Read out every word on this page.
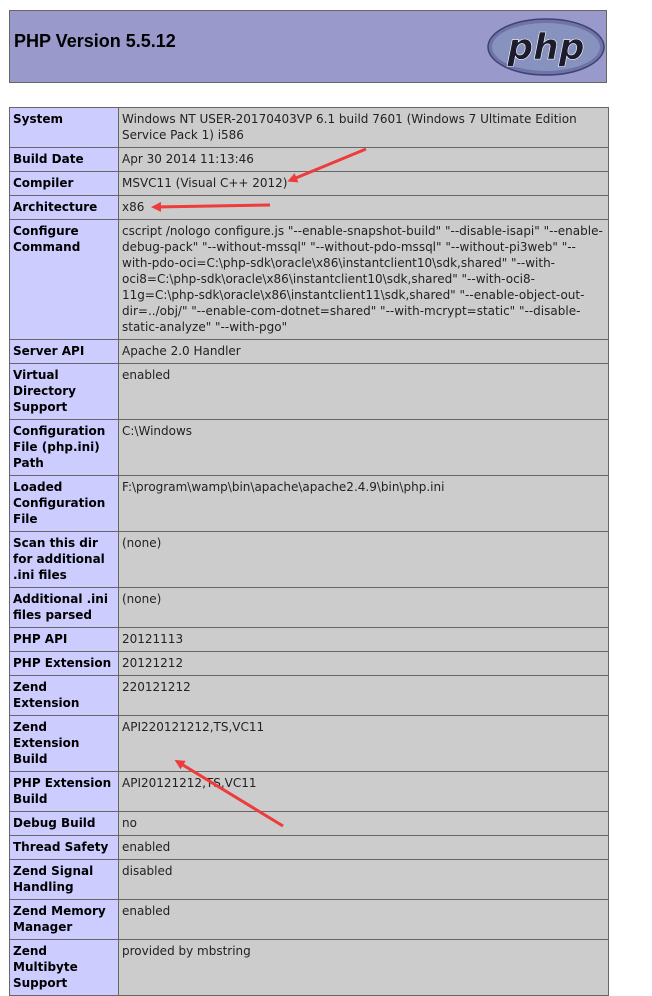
PHP Version 5.5.12	php
System	Windows NT USER-20170403VP 6.1 build 7601 (Windows 7 Ultimate Edition Service Pack 1) i586
Build Date	Apr 30 2014 11:13:46
Compiler	MSVC11 (Visual C++ 2012)
Architecture	x86
Configure Command	cscript /nologo configure.js "--enable-snapshot-build" "--disable-isapi" "--enable-debug-pack" "--without-mssql" "--without-pdo-mssql" "--without-pi3web" "--with-pdo-oci=C:\php-sdk\oracle\x86\instantclient10\sdk,shared" "--with-oci8=C:\php-sdk\oracle\x86\instantclient10\sdk,shared" "--with-oci8-11g=C:\php-sdk\oracle\x86\instantclient11\sdk,shared" "--enable-object-out-dir=../obj/" "--enable-com-dotnet=shared" "--with-mcrypt=static" "--disable-static-analyze" "--with-pgo"
Server API	Apache 2.0 Handler
Virtual Directory Support	enabled
Configuration File (php.ini) Path	C:\Windows
Loaded Configuration File	F:\program\wamp\bin\apache\apache2.4.9\bin\php.ini
Scan this dir for additional .ini files	(none)
Additional .ini files parsed	(none)
PHP API	20121113
PHP Extension	20121212
Zend Extension	220121212
Zend Extension Build	API220121212,TS,VC11
PHP Extension Build	API20121212,TS,VC11
Debug Build	no
Thread Safety	enabled
Zend Signal Handling	disabled
Zend Memory Manager	enabled
Zend Multibyte Support	provided by mbstring
